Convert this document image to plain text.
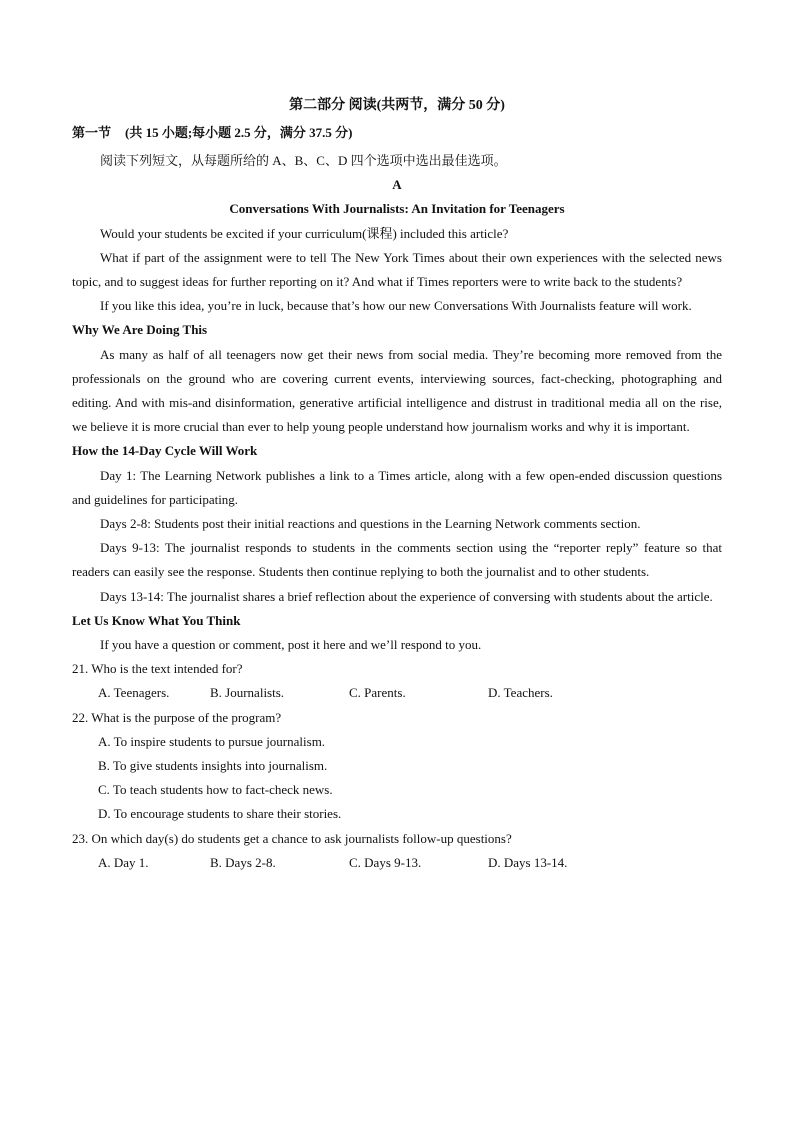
第二部分 阅读(共两节，满分 50 分)

第一节 (共 15 小题;每小题 2.5 分，满分 37.5 分)

阅读下列短文，从每题所给的 A、B、C、D 四个选项中选出最佳选项。

A

Conversations With Journalists: An Invitation for Teenagers

Would your students be excited if your curriculum(课程) included this article?

What if part of the assignment were to tell The New York Times about their own experiences with the selected news topic, and to suggest ideas for further reporting on it? And what if Times reporters were to write back to the students?

If you like this idea, you’re in luck, because that’s how our new Conversations With Journalists feature will work.

Why We Are Doing This

As many as half of all teenagers now get their news from social media. They’re becoming more removed from the professionals on the ground who are covering current events, interviewing sources, fact-checking, photographing and editing. And with mis-and disinformation, generative artificial intelligence and distrust in traditional media all on the rise, we believe it is more crucial than ever to help young people understand how journalism works and why it is important.

How the 14-Day Cycle Will Work

Day 1: The Learning Network publishes a link to a Times article, along with a few open-ended discussion questions and guidelines for participating.

Days 2-8: Students post their initial reactions and questions in the Learning Network comments section.

Days 9-13: The journalist responds to students in the comments section using the “reporter reply” feature so that readers can easily see the response. Students then continue replying to both the journalist and to other students.

Days 13-14: The journalist shares a brief reflection about the experience of conversing with students about the article.

Let Us Know What You Think

If you have a question or comment, post it here and we’ll respond to you.

21. Who is the text intended for?

A. Teenagers.	B. Journalists.	C. Parents.	D. Teachers.

22. What is the purpose of the program?

A. To inspire students to pursue journalism.

B. To give students insights into journalism.

C. To teach students how to fact-check news.

D. To encourage students to share their stories.

23. On which day(s) do students get a chance to ask journalists follow-up questions?

A. Day 1.	B. Days 2-8.	C. Days 9-13.	D. Days 13-14.
